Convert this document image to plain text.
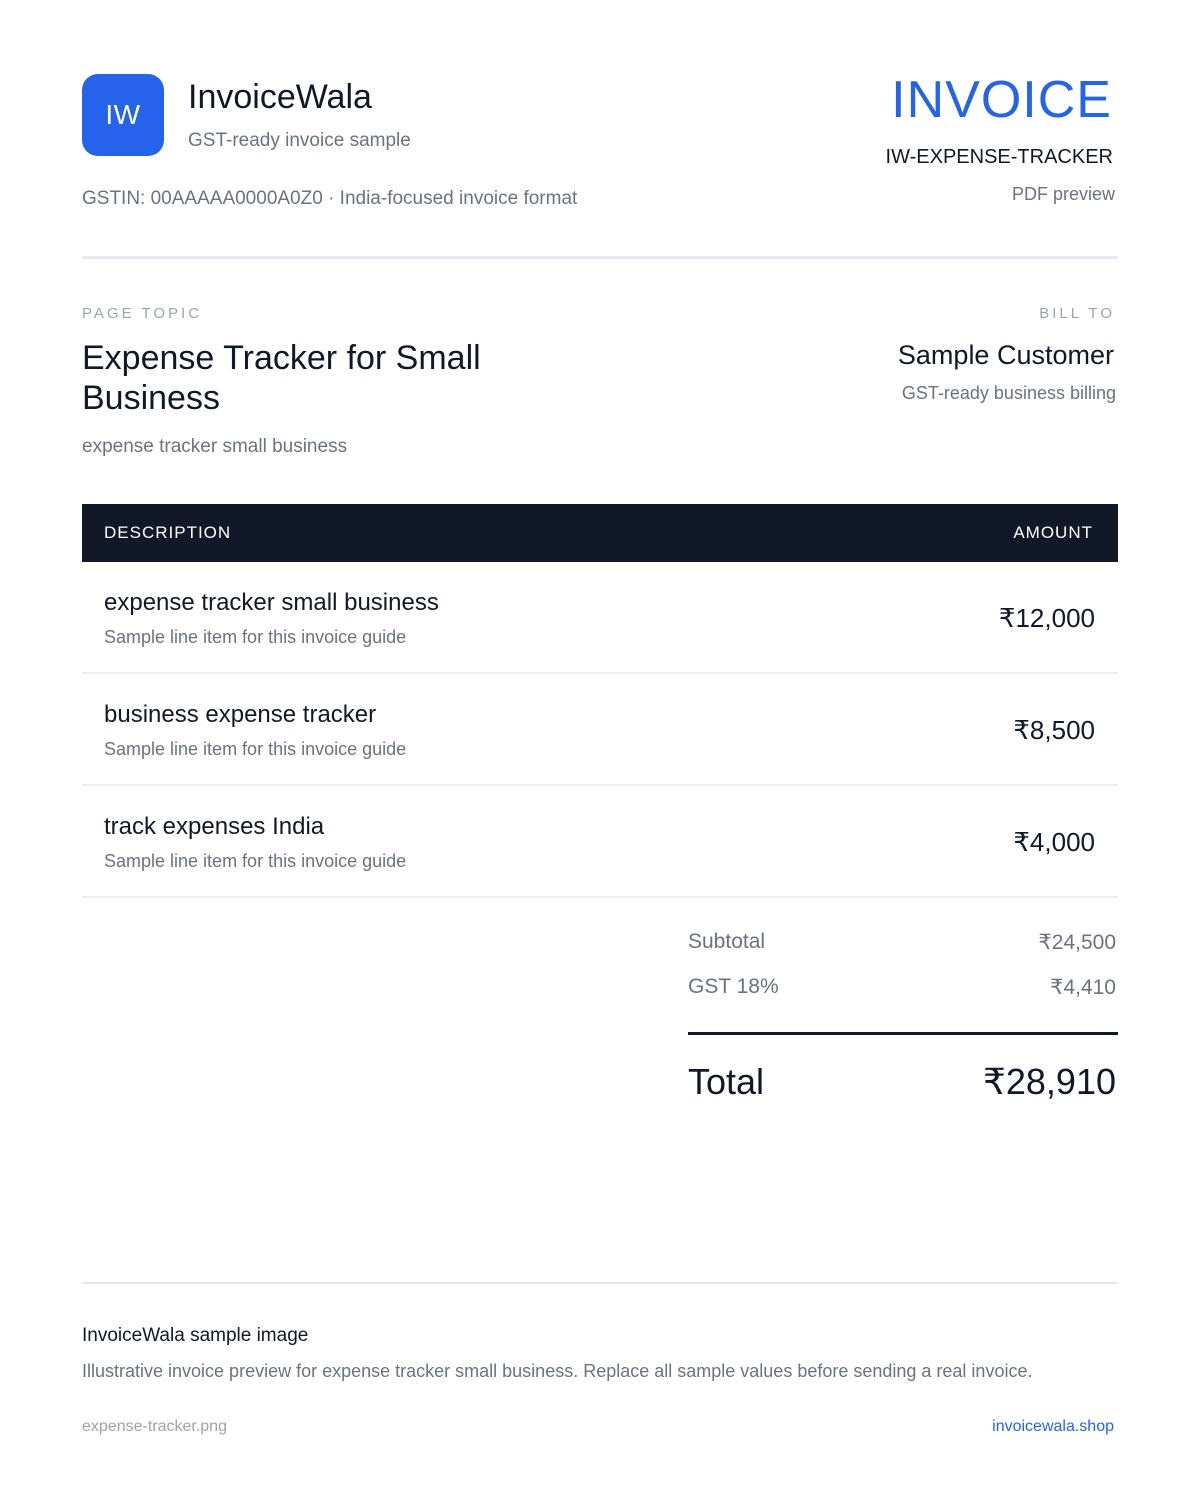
IW InvoiceWala
GST-ready invoice sample
GSTIN: 00AAAAA0000A0Z0 · India-focused invoice format
INVOICE
IW-EXPENSE-TRACKER
PDF preview
PAGE TOPIC
Expense Tracker for Small Business
expense tracker small business
BILL TO
Sample Customer
GST-ready business billing
DESCRIPTION	AMOUNT
expense tracker small business
Sample line item for this invoice guide
₹12,000
business expense tracker
Sample line item for this invoice guide
₹8,500
track expenses India
Sample line item for this invoice guide
₹4,000
Subtotal	₹24,500
GST 18%	₹4,410
Total	₹28,910
InvoiceWala sample image
Illustrative invoice preview for expense tracker small business. Replace all sample values before sending a real invoice.
expense-tracker.png	invoicewala.shop
